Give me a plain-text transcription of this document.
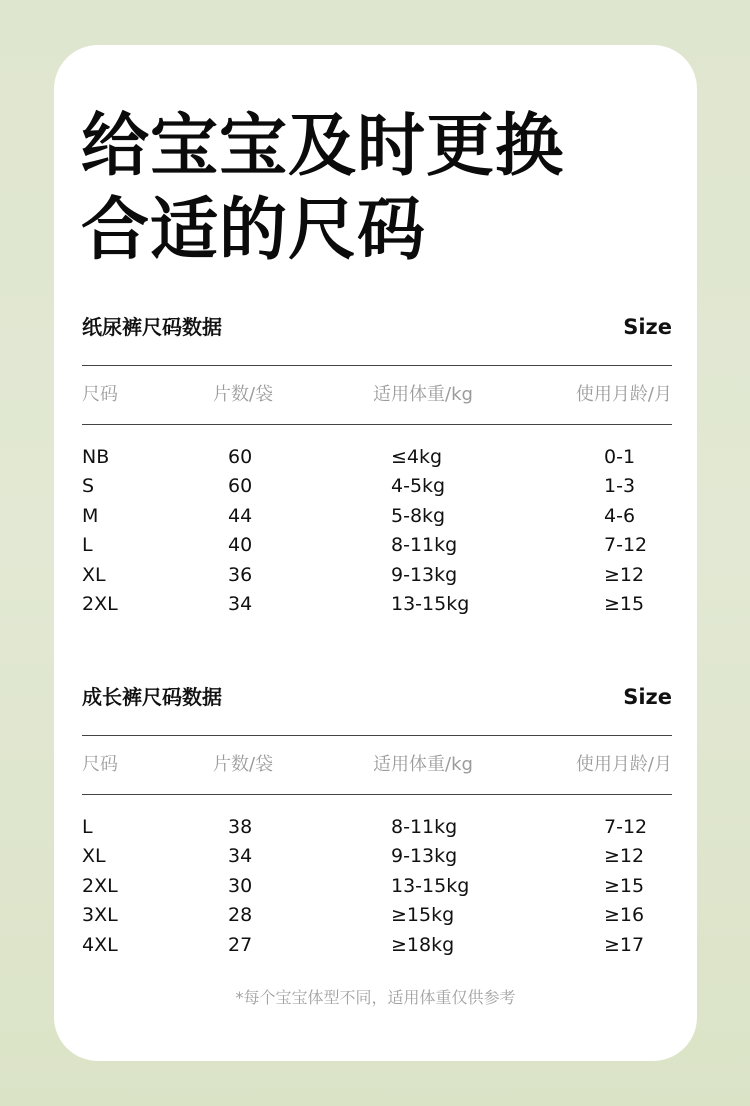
给宝宝及时更换
合适的尺码
纸尿裤尺码数据	Size
尺码	片数/袋	适用体重/kg	使用月龄/月
NB	60	≤4kg	0-1
S	60	4-5kg	1-3
M	44	5-8kg	4-6
L	40	8-11kg	7-12
XL	36	9-13kg	≥12
2XL	34	13-15kg	≥15
成长裤尺码数据	Size
尺码	片数/袋	适用体重/kg	使用月龄/月
L	38	8-11kg	7-12
XL	34	9-13kg	≥12
2XL	30	13-15kg	≥15
3XL	28	≥15kg	≥16
4XL	27	≥18kg	≥17
*每个宝宝体型不同，适用体重仅供参考
